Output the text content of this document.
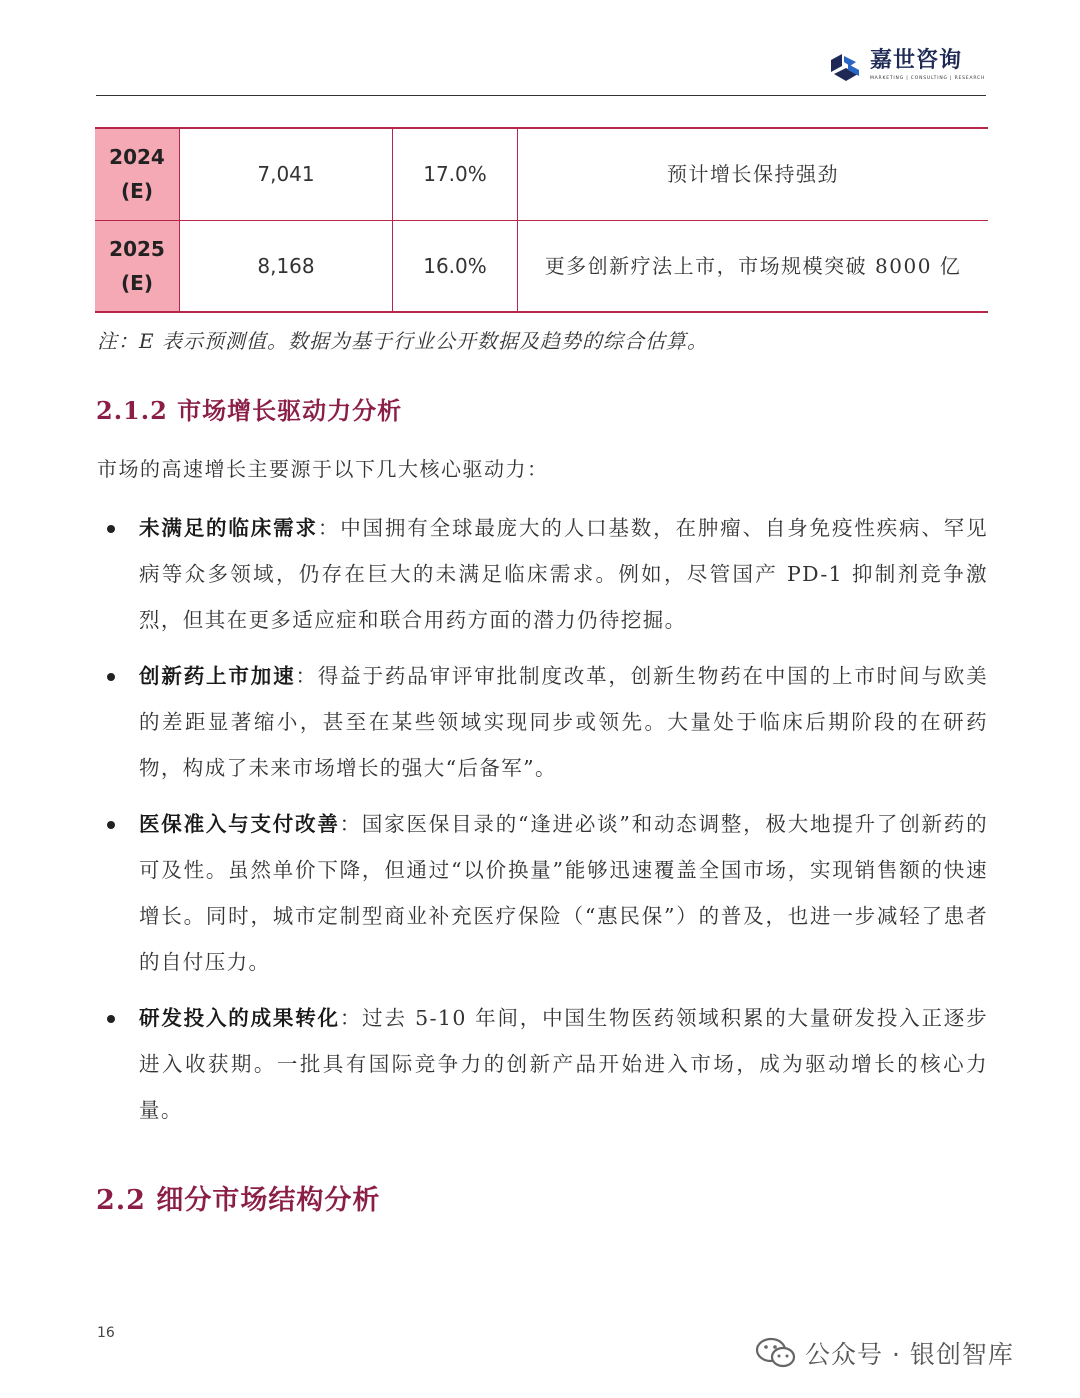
嘉世咨询
MARKETING | CONSULTING | RESEARCH
2024
(E)	7,041	17.0%	预计增长保持强劲

2025
(E)	8,168	16.0%	更多创新疗法上市，市场规模突破 8000 亿
注：E 表示预测值。数据为基于行业公开数据及趋势的综合估算。
2.1.2 市场增长驱动力分析
市场的高速增长主要源于以下几大核心驱动力：
未满足的临床需求：中国拥有全球最庞大的人口基数，在肿瘤、自身免疫性疾病、罕见病等众多领域，仍存在巨大的未满足临床需求。例如，尽管国产 PD-1 抑制剂竞争激烈，但其在更多适应症和联合用药方面的潜力仍待挖掘。
创新药上市加速：得益于药品审评审批制度改革，创新生物药在中国的上市时间与欧美的差距显著缩小，甚至在某些领域实现同步或领先。大量处于临床后期阶段的在研药物，构成了未来市场增长的强大“后备军”。
医保准入与支付改善：国家医保目录的“逢进必谈”和动态调整，极大地提升了创新药的可及性。虽然单价下降，但通过“以价换量”能够迅速覆盖全国市场，实现销售额的快速增长。同时，城市定制型商业补充医疗保险（“惠民保”）的普及，也进一步减轻了患者的自付压力。
研发投入的成果转化：过去 5-10 年间，中国生物医药领域积累的大量研发投入正逐步进入收获期。一批具有国际竞争力的创新产品开始进入市场，成为驱动增长的核心力量。
2.2 细分市场结构分析
16
公众号 · 银创智库
